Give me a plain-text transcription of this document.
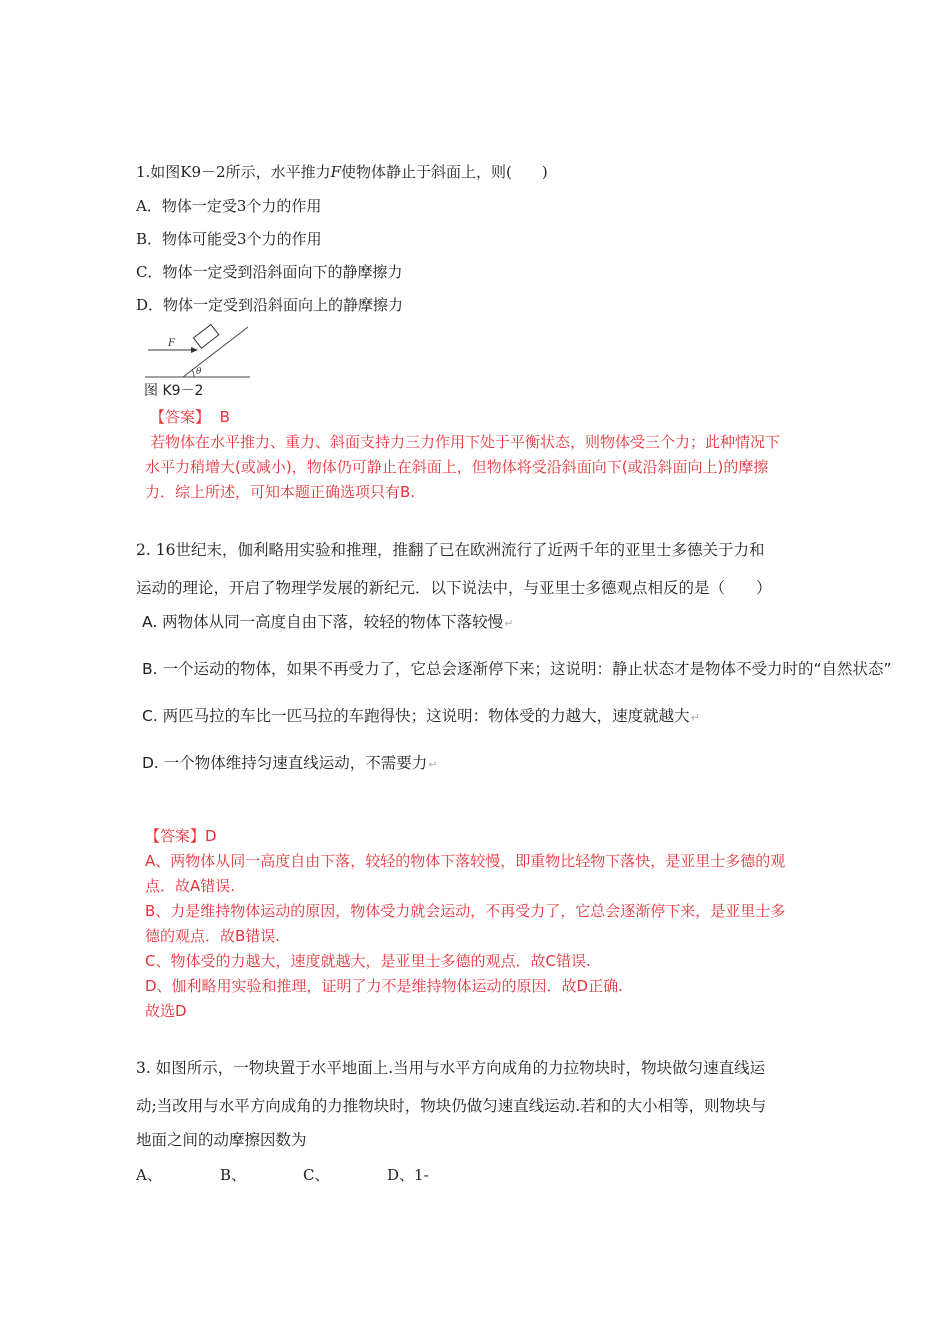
1.如图K9－2所示，水平推力F使物体静止于斜面上，则(　　)
A．物体一定受3个力的作用
B．物体可能受3个力的作用
C．物体一定受到沿斜面向下的静摩擦力
D．物体一定受到沿斜面向上的静摩擦力
F
θ
图 K9－2
【答案】 B
若物体在水平推力、重力、斜面支持力三力作用下处于平衡状态，则物体受三个力；此种情况下
水平力稍增大(或减小)，物体仍可静止在斜面上，但物体将受沿斜面向下(或沿斜面向上)的摩擦
力．综上所述，可知本题正确选项只有B.
2. 16世纪末，伽利略用实验和推理，推翻了已在欧洲流行了近两千年的亚里士多德关于力和
运动的理论，开启了物理学发展的新纪元．以下说法中，与亚里士多德观点相反的是（　　）
A. 两物体从同一高度自由下落，较轻的物体下落较慢↵
B. 一个运动的物体，如果不再受力了，它总会逐渐停下来；这说明：静止状态才是物体不受力时的“自然状态”
C. 两匹马拉的车比一匹马拉的车跑得快；这说明：物体受的力越大，速度就越大↵
D. 一个物体维持匀速直线运动，不需要力↵
【答案】D
A、两物体从同一高度自由下落，较轻的物体下落较慢，即重物比轻物下落快，是亚里士多德的观
点．故A错误.
B、力是维持物体运动的原因，物体受力就会运动，不再受力了，它总会逐渐停下来，是亚里士多
德的观点．故B错误.
C、物体受的力越大，速度就越大，是亚里士多德的观点．故C错误.
D、伽利略用实验和推理，证明了力不是维持物体运动的原因．故D正确.
故选D
3. 如图所示，一物块置于水平地面上.当用与水平方向成角的力拉物块时，物块做匀速直线运
动;当改用与水平方向成角的力推物块时，物块仍做匀速直线运动.若和的大小相等，则物块与
地面之间的动摩擦因数为
A、	B、	C、	D、1-
